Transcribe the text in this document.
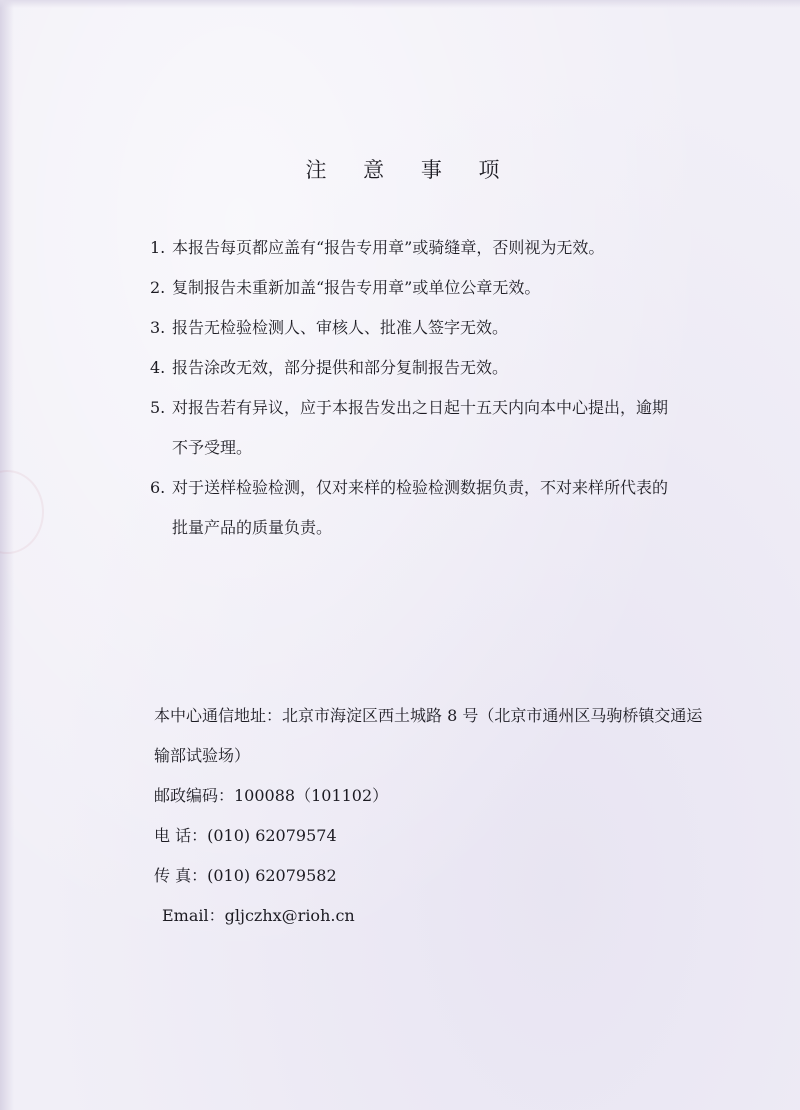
注 意 事 项
1. 本报告每页都应盖有“报告专用章”或骑缝章，否则视为无效。
2. 复制报告未重新加盖“报告专用章”或单位公章无效。
3. 报告无检验检测人、审核人、批准人签字无效。
4. 报告涂改无效，部分提供和部分复制报告无效。
5. 对报告若有异议，应于本报告发出之日起十五天内向本中心提出，逾期不予受理。
6. 对于送样检验检测，仅对来样的检验检测数据负责，不对来样所代表的批量产品的质量负责。
本中心通信地址：北京市海淀区西土城路 8 号（北京市通州区马驹桥镇交通运输部试验场）
邮政编码：100088（101102）
电 话：(010) 62079574
传 真：(010) 62079582
Email：gljczhx@rioh.cn
